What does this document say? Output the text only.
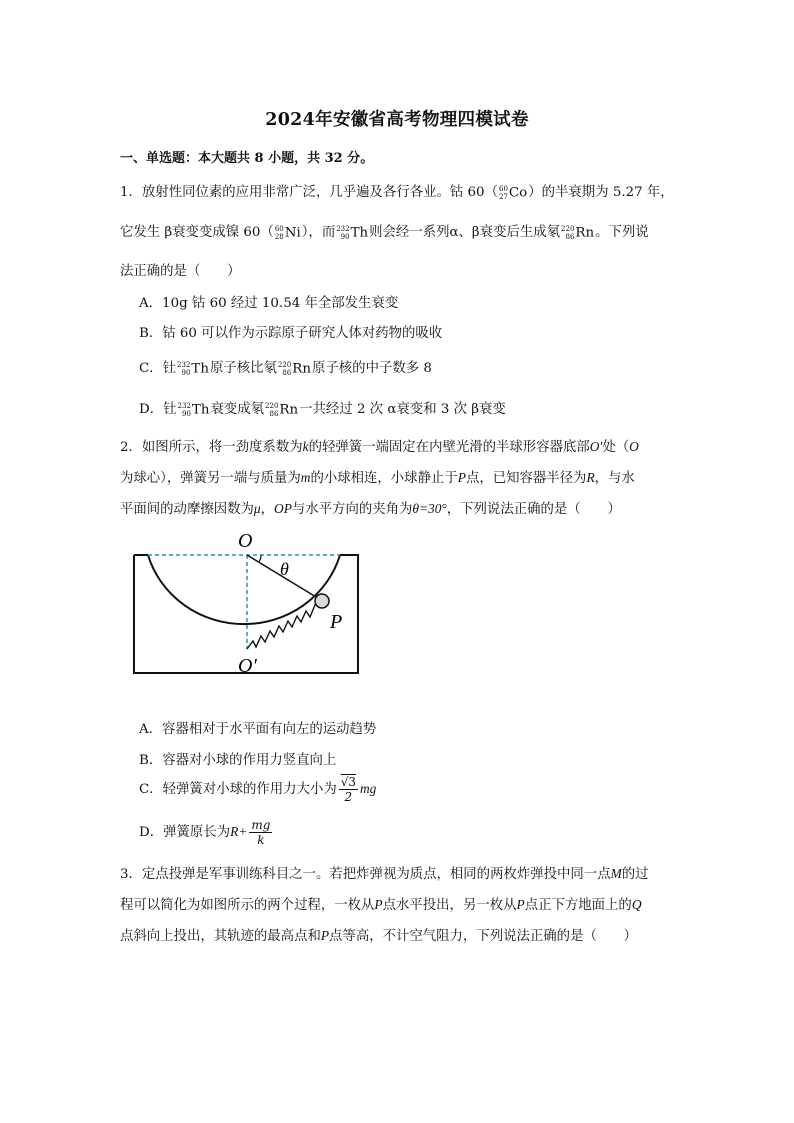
2024年安徽省高考物理四模试卷
一、单选题：本大题共 8 小题，共 32 分。
1．放射性同位素的应用非常广泛，几乎遍及各行各业。钴 60（ 60
27 Co）的半衰期为 5.27 年，
它发生 β衰变变成镍 60（ 60
28 Ni），而 232
90 Th则会经一系列α、β衰变后生成氡 220
86 Rn。下列说
法正确的是（　　）
A．10g 钴 60 经过 10.54 年全部发生衰变
B．钴 60 可以作为示踪原子研究人体对药物的吸收
C．钍 232
90 Th原子核比氡 220
86 Rn原子核的中子数多 8
D．钍 232
90 Th衰变成氡 220
86 Rn一共经过 2 次 α衰变和 3 次 β衰变
2．如图所示，将一劲度系数为k的轻弹簧一端固定在内壁光滑的半球形容器底部O′处（O
为球心），弹簧另一端与质量为m的小球相连，小球静止于P点，已知容器半径为R，与水
平面间的动摩擦因数为μ，OP与水平方向的夹角为θ=30°，下列说法正确的是（　　）
O
θ
P
O′
A．容器相对于水平面有向左的运动趋势
B．容器对小球的作用力竖直向上
C．轻弹簧对小球的作用力大小为 $\frac{√3}{2}$ mg
D．弹簧原长为$R+ \frac{mg}{k}$
3．定点投弹是军事训练科目之一。若把炸弹视为质点，相同的两枚炸弹投中同一点M的过
程可以简化为如图所示的两个过程，一枚从P点水平投出，另一枚从P点正下方地面上的Q
点斜向上投出，其轨迹的最高点和P点等高，不计空气阻力，下列说法正确的是（　　）
